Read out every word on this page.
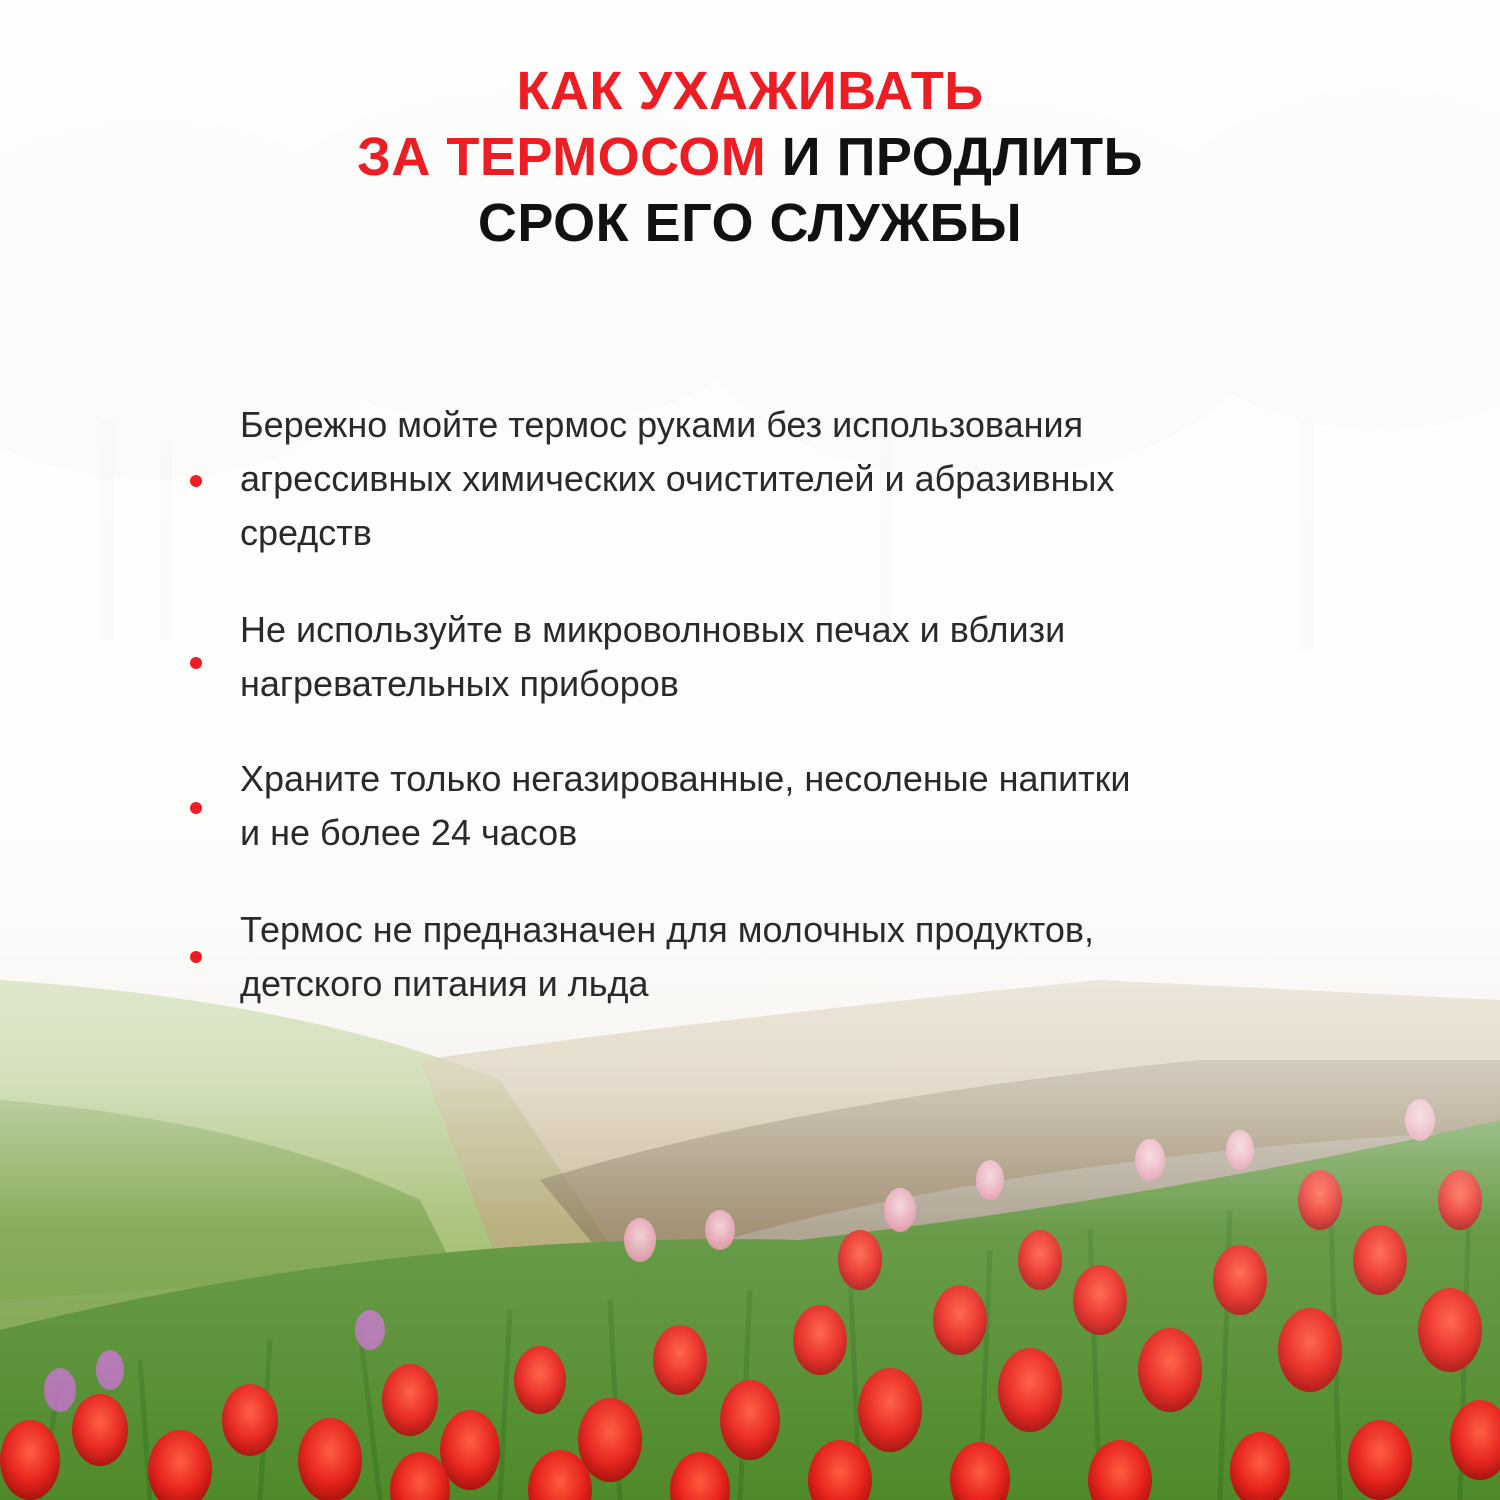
КАК УХАЖИВАТЬ
ЗА ТЕРМОСОМ И ПРОДЛИТЬ
СРОК ЕГО СЛУЖБЫ
Бережно мойте термос руками без использования
агрессивных химических очистителей и абразивных
средств
Не используйте в микроволновых печах и вблизи
нагревательных приборов
Храните только негазированные, несоленые напитки
и не более 24 часов
Термос не предназначен для молочных продуктов,
детского питания и льда
